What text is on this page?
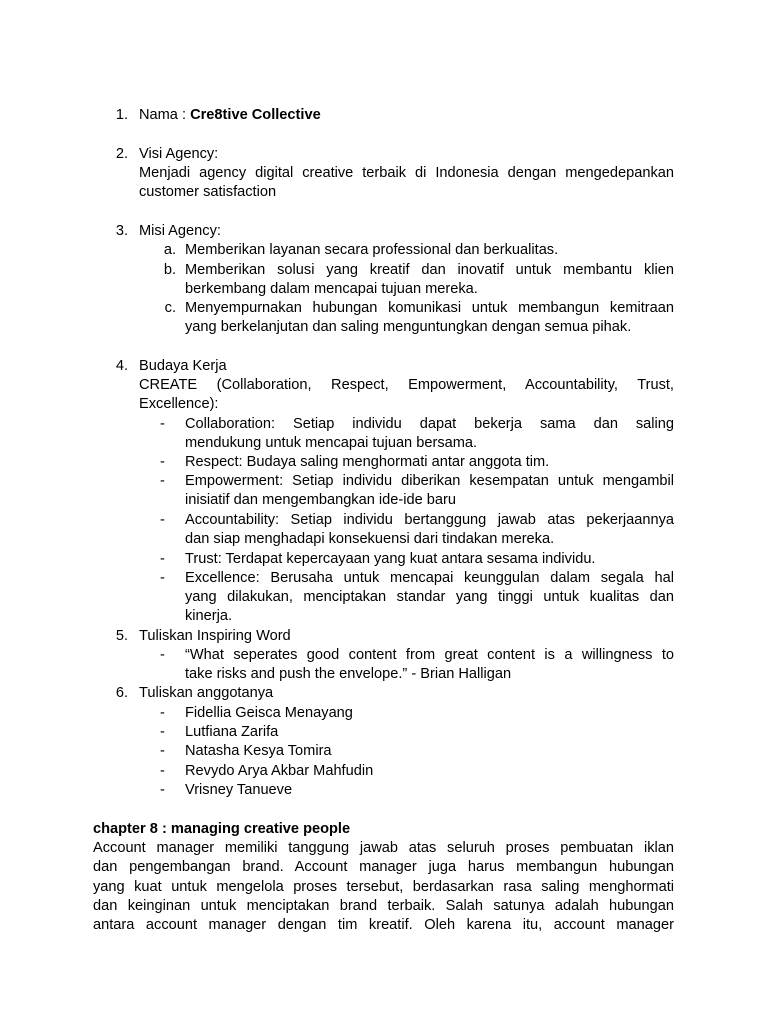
1. Nama : Cre8tive Collective
2. Visi Agency:
Menjadi agency digital creative terbaik di Indonesia dengan mengedepankan
customer satisfaction
3. Misi Agency:
a. Memberikan layanan secara professional dan berkualitas.
b. Memberikan solusi yang kreatif dan inovatif untuk membantu klien
berkembang dalam mencapai tujuan mereka.
c. Menyempurnakan hubungan komunikasi untuk membangun kemitraan
yang berkelanjutan dan saling menguntungkan dengan semua pihak.
4. Budaya Kerja
CREATE (Collaboration, Respect, Empowerment, Accountability, Trust,
Excellence):
- Collaboration: Setiap individu dapat bekerja sama dan saling
mendukung untuk mencapai tujuan bersama.
- Respect: Budaya saling menghormati antar anggota tim.
- Empowerment: Setiap individu diberikan kesempatan untuk mengambil
inisiatif dan mengembangkan ide-ide baru
- Accountability: Setiap individu bertanggung jawab atas pekerjaannya
dan siap menghadapi konsekuensi dari tindakan mereka.
- Trust: Terdapat kepercayaan yang kuat antara sesama individu.
- Excellence: Berusaha untuk mencapai keunggulan dalam segala hal
yang dilakukan, menciptakan standar yang tinggi untuk kualitas dan
kinerja.
5. Tuliskan Inspiring Word
- “What seperates good content from great content is a willingness to
take risks and push the envelope.” - Brian Halligan
6. Tuliskan anggotanya
- Fidellia Geisca Menayang
- Lutfiana Zarifa
- Natasha Kesya Tomira
- Revydo Arya Akbar Mahfudin
- Vrisney Tanueve
chapter 8 : managing creative people
Account manager memiliki tanggung jawab atas seluruh proses pembuatan iklan
dan pengembangan brand. Account manager juga harus membangun hubungan
yang kuat untuk mengelola proses tersebut, berdasarkan rasa saling menghormati
dan keinginan untuk menciptakan brand terbaik. Salah satunya adalah hubungan
antara account manager dengan tim kreatif. Oleh karena itu, account manager
